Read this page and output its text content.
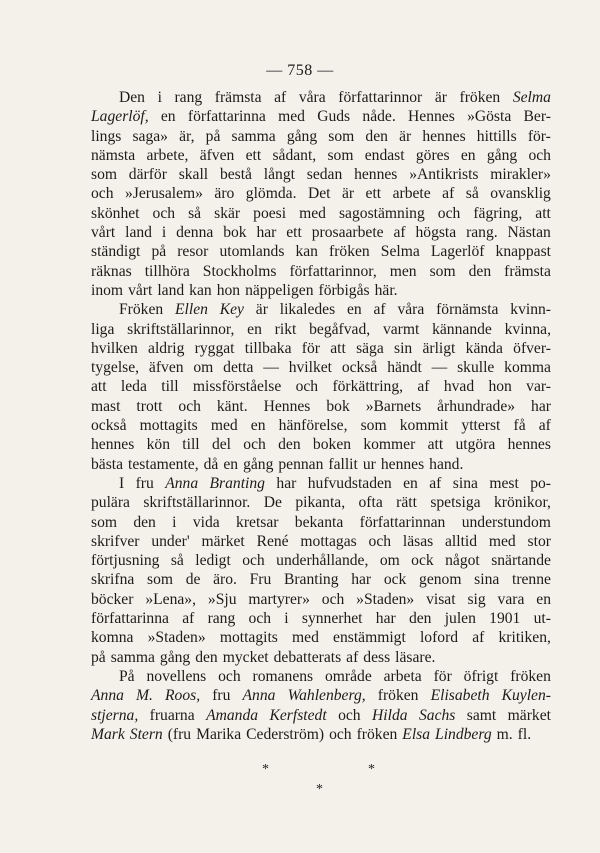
— 758 —
Den i rang främsta af våra författarinnor är fröken Selma
Lagerlöf, en författarinna med Guds nåde. Hennes »Gösta Ber-
lings saga» är, på samma gång som den är hennes hittills för-
nämsta arbete, äfven ett sådant, som endast göres en gång och
som därför skall bestå långt sedan hennes »Antikrists mirakler»
och »Jerusalem» äro glömda. Det är ett arbete af så ovansklig
skönhet och så skär poesi med sagostämning och fägring, att
vårt land i denna bok har ett prosaarbete af högsta rang. Nästan
ständigt på resor utomlands kan fröken Selma Lagerlöf knappast
räknas tillhöra Stockholms författarinnor, men som den främsta
inom vårt land kan hon näppeligen förbigås här.
Fröken Ellen Key är likaledes en af våra förnämsta kvinn-
liga skriftställarinnor, en rikt begåfvad, varmt kännande kvinna,
hvilken aldrig ryggat tillbaka för att säga sin ärligt kända öfver-
tygelse, äfven om detta — hvilket också händt — skulle komma
att leda till missförståelse och förkättring, af hvad hon var-
mast trott och känt. Hennes bok »Barnets århundrade» har
också mottagits med en hänförelse, som kommit ytterst få af
hennes kön till del och den boken kommer att utgöra hennes
bästa testamente, då en gång pennan fallit ur hennes hand.
I fru Anna Branting har hufvudstaden en af sina mest po-
pulära skriftställarinnor. De pikanta, ofta rätt spetsiga krönikor,
som den i vida kretsar bekanta författarinnan understundom
skrifver under' märket René mottagas och läsas alltid med stor
förtjusning så ledigt och underhållande, om ock något snärtande
skrifna som de äro. Fru Branting har ock genom sina trenne
böcker »Lena», »Sju martyrer» och »Staden» visat sig vara en
författarinna af rang och i synnerhet har den julen 1901 ut-
komna »Staden» mottagits med enstämmigt loford af kritiken,
på samma gång den mycket debatterats af dess läsare.
På novellens och romanens område arbeta för öfrigt fröken
Anna M. Roos, fru Anna Wahlenberg, fröken Elisabeth Kuylen-
stjerna, fruarna Amanda Kerfstedt och Hilda Sachs samt märket
Mark Stern (fru Marika Cederström) och fröken Elsa Lindberg m. fl.
*	*
*
